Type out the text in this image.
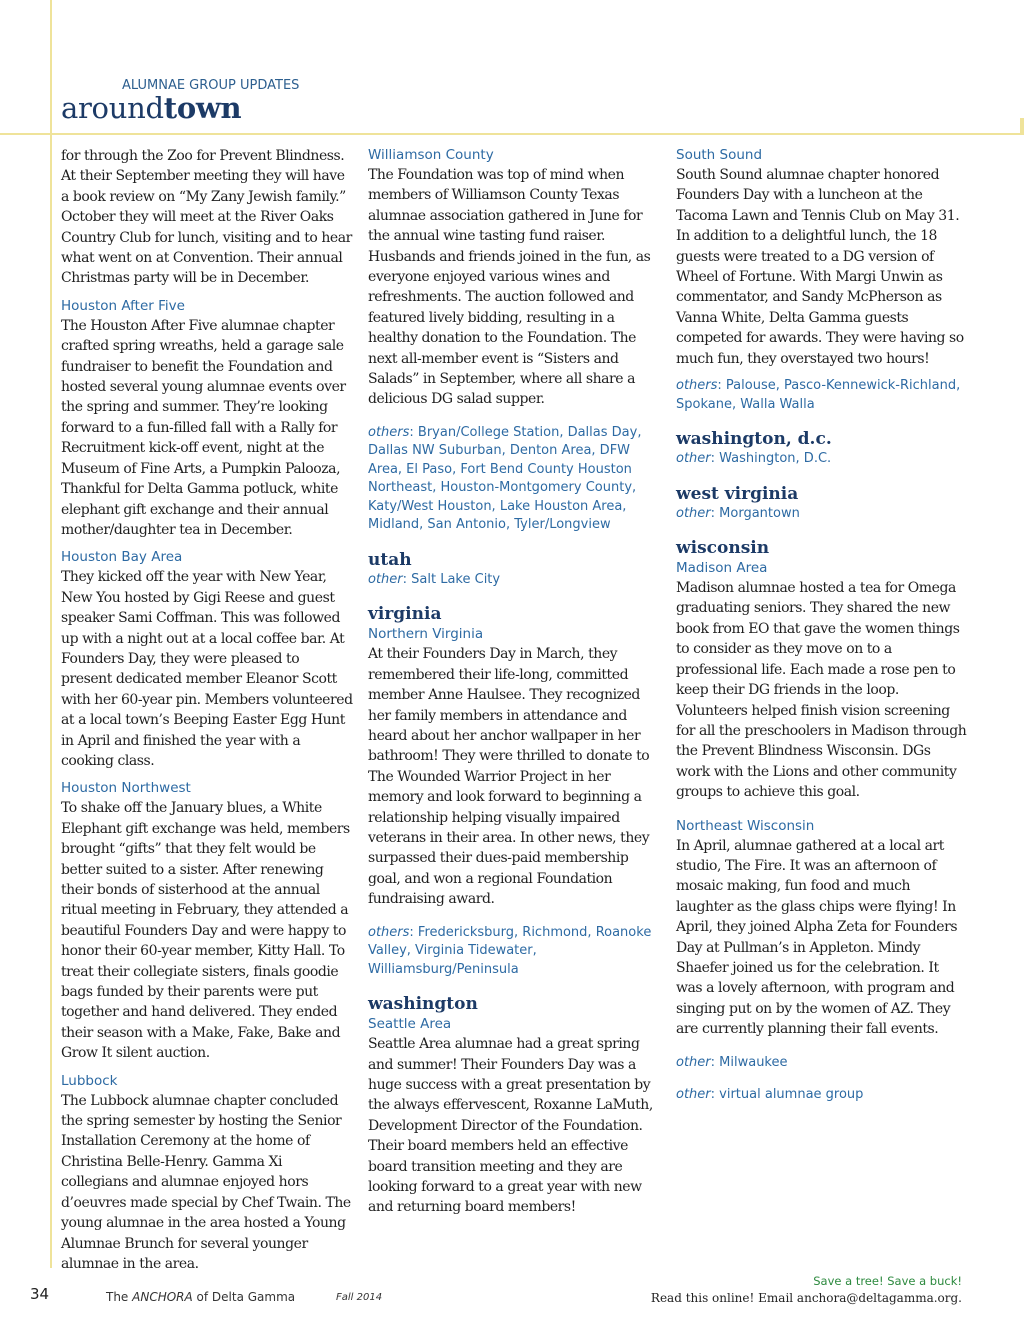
ALUMNAE GROUP UPDATES
aroundtown

for through the Zoo for Prevent Blindness. At their September meeting they will have a book review on “My Zany Jewish family.” October they will meet at the River Oaks Country Club for lunch, visiting and to hear what went on at Convention. Their annual Christmas party will be in December.

Houston After Five

The Houston After Five alumnae chapter crafted spring wreaths, held a garage sale fundraiser to benefit the Foundation and hosted several young alumnae events over the spring and summer. They’re looking forward to a fun-filled fall with a Rally for Recruitment kick-off event, night at the Museum of Fine Arts, a Pumpkin Palooza, Thankful for Delta Gamma potluck, white elephant gift exchange and their annual mother/daughter tea in December.

Houston Bay Area

They kicked off the year with New Year, New You hosted by Gigi Reese and guest speaker Sami Coffman. This was followed up with a night out at a local coffee bar. At Founders Day, they were pleased to present dedicated member Eleanor Scott with her 60-year pin. Members volunteered at a local town’s Beeping Easter Egg Hunt in April and finished the year with a cooking class.

Houston Northwest

To shake off the January blues, a White Elephant gift exchange was held, members brought “gifts” that they felt would be better suited to a sister. After renewing their bonds of sisterhood at the annual ritual meeting in February, they attended a beautiful Founders Day and were happy to honor their 60-year member, Kitty Hall. To treat their collegiate sisters, finals goodie bags funded by their parents were put together and hand delivered. They ended their season with a Make, Fake, Bake and Grow It silent auction.

Lubbock

The Lubbock alumnae chapter concluded the spring semester by hosting the Senior Installation Ceremony at the home of Christina Belle-Henry. Gamma Xi collegians and alumnae enjoyed hors d’oeuvres made special by Chef Twain. The young alumnae in the area hosted a Young Alumnae Brunch for several younger alumnae in the area.

Williamson County

The Foundation was top of mind when members of Williamson County Texas alumnae association gathered in June for the annual wine tasting fund raiser. Husbands and friends joined in the fun, as everyone enjoyed various wines and refreshments. The auction followed and featured lively bidding, resulting in a healthy donation to the Foundation. The next all-member event is “Sisters and Salads” in September, where all share a delicious DG salad supper.

others: Bryan/College Station, Dallas Day, Dallas NW Suburban, Denton Area, DFW Area, El Paso, Fort Bend County Houston Northeast, Houston-Montgomery County, Katy/West Houston, Lake Houston Area, Midland, San Antonio, Tyler/Longview

utah

other: Salt Lake City

virginia
Northern Virginia

At their Founders Day in March, they remembered their life-long, committed member Anne Haulsee. They recognized her family members in attendance and heard about her anchor wallpaper in her bathroom! They were thrilled to donate to The Wounded Warrior Project in her memory and look forward to beginning a relationship helping visually impaired veterans in their area. In other news, they surpassed their dues-paid membership goal, and won a regional Foundation fundraising award.

others: Fredericksburg, Richmond, Roanoke Valley, Virginia Tidewater, Williamsburg/Peninsula

washington
Seattle Area

Seattle Area alumnae had a great spring and summer! Their Founders Day was a huge success with a great presentation by the always effervescent, Roxanne LaMuth, Development Director of the Foundation. Their board members held an effective board transition meeting and they are looking forward to a great year with new and returning board members!

South Sound

South Sound alumnae chapter honored Founders Day with a luncheon at the Tacoma Lawn and Tennis Club on May 31. In addition to a delightful lunch, the 18 guests were treated to a DG version of Wheel of Fortune. With Margi Unwin as commentator, and Sandy McPherson as Vanna White, Delta Gamma guests competed for awards. They were having so much fun, they overstayed two hours!

others: Palouse, Pasco-Kennewick-Richland, Spokane, Walla Walla

washington, d.c.

other: Washington, D.C.

west virginia

other: Morgantown

wisconsin
Madison Area

Madison alumnae hosted a tea for Omega graduating seniors. They shared the new book from EO that gave the women things to consider as they move on to a professional life. Each made a rose pen to keep their DG friends in the loop. Volunteers helped finish vision screening for all the preschoolers in Madison through the Prevent Blindness Wisconsin. DGs work with the Lions and other community groups to achieve this goal.

Northeast Wisconsin

In April, alumnae gathered at a local art studio, The Fire. It was an afternoon of mosaic making, fun food and much laughter as the glass chips were flying! In April, they joined Alpha Zeta for Founders Day at Pullman’s in Appleton. Mindy Shaefer joined us for the celebration. It was a lovely afternoon, with program and singing put on by the women of AZ. They are currently planning their fall events.

other: Milwaukee

other: virtual alumnae group

34	The ANCHORA of Delta Gamma	Fall 2014
Save a tree! Save a buck!
Read this online! Email anchora@deltagamma.org.
